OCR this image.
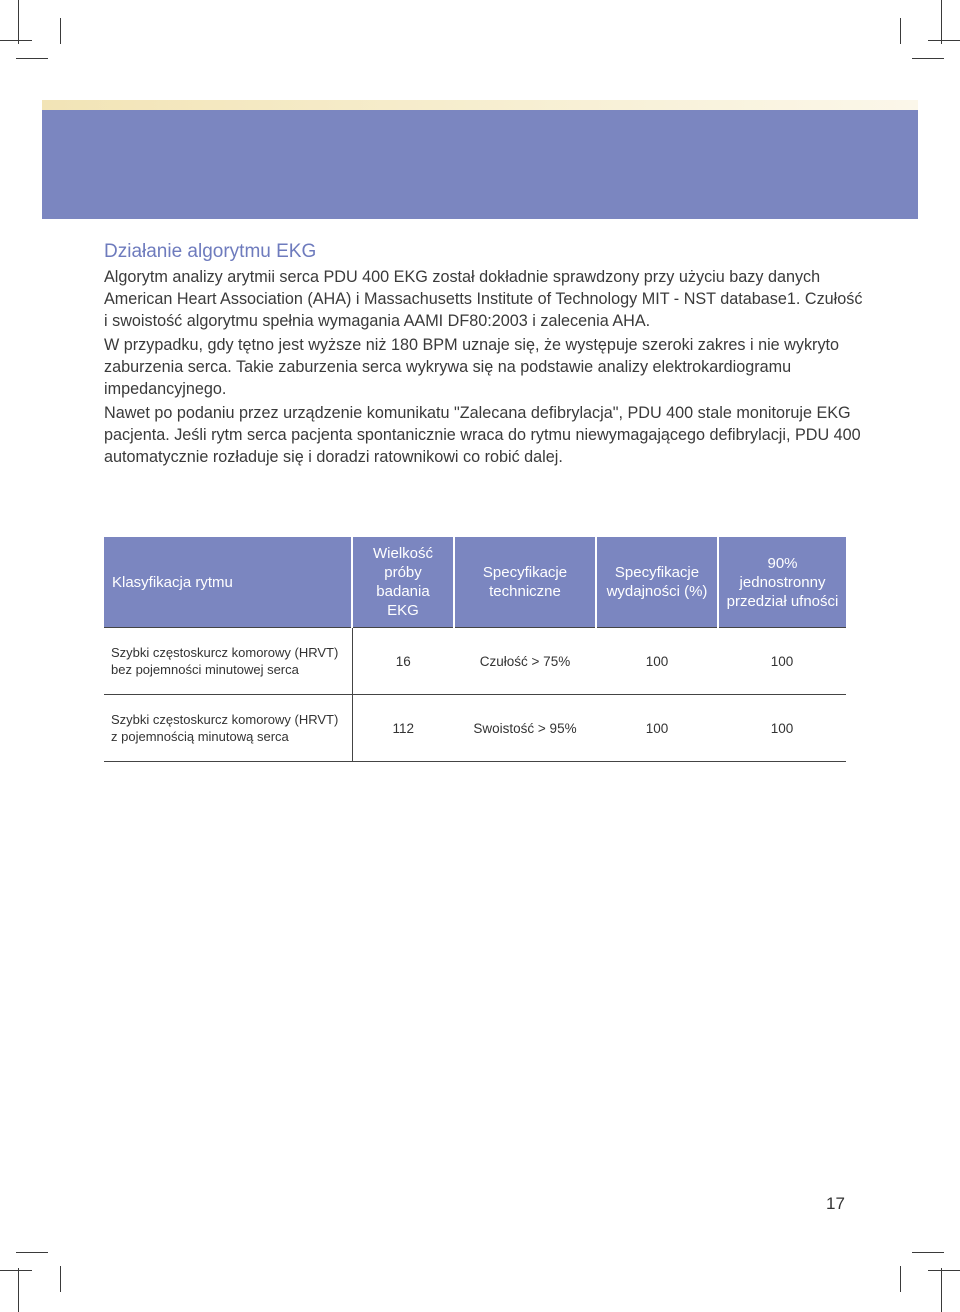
Działanie algorytmu EKG

Algorytm analizy arytmii serca PDU 400 EKG został dokładnie sprawdzony przy użyciu bazy danych American Heart Association (AHA) i Massachusetts Institute of Technology MIT - NST database1. Czułość i swoistość algorytmu spełnia wymagania AAMI DF80:2003 i zalecenia AHA.

W przypadku, gdy tętno jest wyższe niż 180 BPM uznaje się, że występuje szeroki zakres i nie wykryto zaburzenia serca. Takie zaburzenia serca wykrywa się na podstawie analizy elektrokardiogramu impedancyjnego.

Nawet po podaniu przez urządzenie komunikatu "Zalecana defibrylacja", PDU 400 stale monitoruje EKG pacjenta. Jeśli rytm serca pacjenta spontanicznie wraca do rytmu niewymagającego defibrylacji, PDU 400 automatycznie rozładuje się i doradzi ratownikowi co robić dalej.

Klasyfikacja rytmu	Wielkość próby badania EKG	Specyfikacje techniczne	Specyfikacje wydajności (%)	90% jednostronny przedział ufności
Szybki częstoskurcz komorowy (HRVT) bez pojemności minutowej serca	16	Czułość > 75%	100	100
Szybki częstoskurcz komorowy (HRVT) z pojemnością minutową serca	112	Swoistość > 95%	100	100
17
